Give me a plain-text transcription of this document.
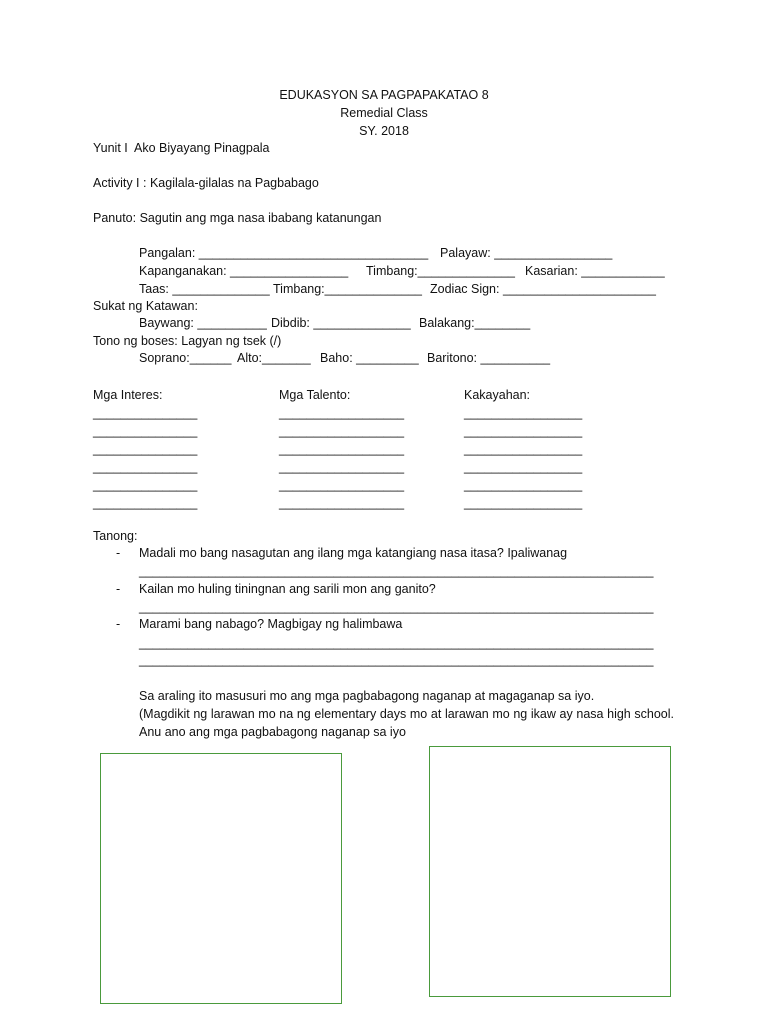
EDUKASYON SA PAGPAPAKATAO 8
Remedial Class
SY. 2018
Yunit I  Ako Biyayang Pinagpala
Activity I : Kagilala-gilalas na Pagbabago
Panuto: Sagutin ang mga nasa ibabang katanungan
Pangalan: _________________________________ Palayaw: _________________
Kapanganakan: _________________ Timbang:______________ Kasarian: ____________
Taas: ______________ Timbang:______________ Zodiac Sign: ______________________
Sukat ng Katawan:
Baywang: __________ Dibdib: ______________ Balakang:________
Tono ng boses: Lagyan ng tsek (/)
Soprano:______ Alto:_______ Baho: _________ Baritono: __________
Mga Interes:	Mga Talento:	Kakayahan:
_______________
_______________
_______________
_______________
_______________
_______________
__________________
__________________
__________________
__________________
__________________
__________________
_________________
_________________
_________________
_________________
_________________
_________________
Tanong:
- Madali mo bang nasagutan ang ilang mga katangiang nasa itasa? Ipaliwanag
__________________________________________________________________________
- Kailan mo huling tiningnan ang sarili mon ang ganito?
__________________________________________________________________________
- Marami bang nabago? Magbigay ng halimbawa
__________________________________________________________________________
__________________________________________________________________________
Sa araling ito masusuri mo ang mga pagbabagong naganap at magaganap sa iyo.
(Magdikit ng larawan mo na ng elementary days mo at larawan mo ng ikaw ay nasa high school. Anu ano ang mga pagbabagong naganap sa iyo
